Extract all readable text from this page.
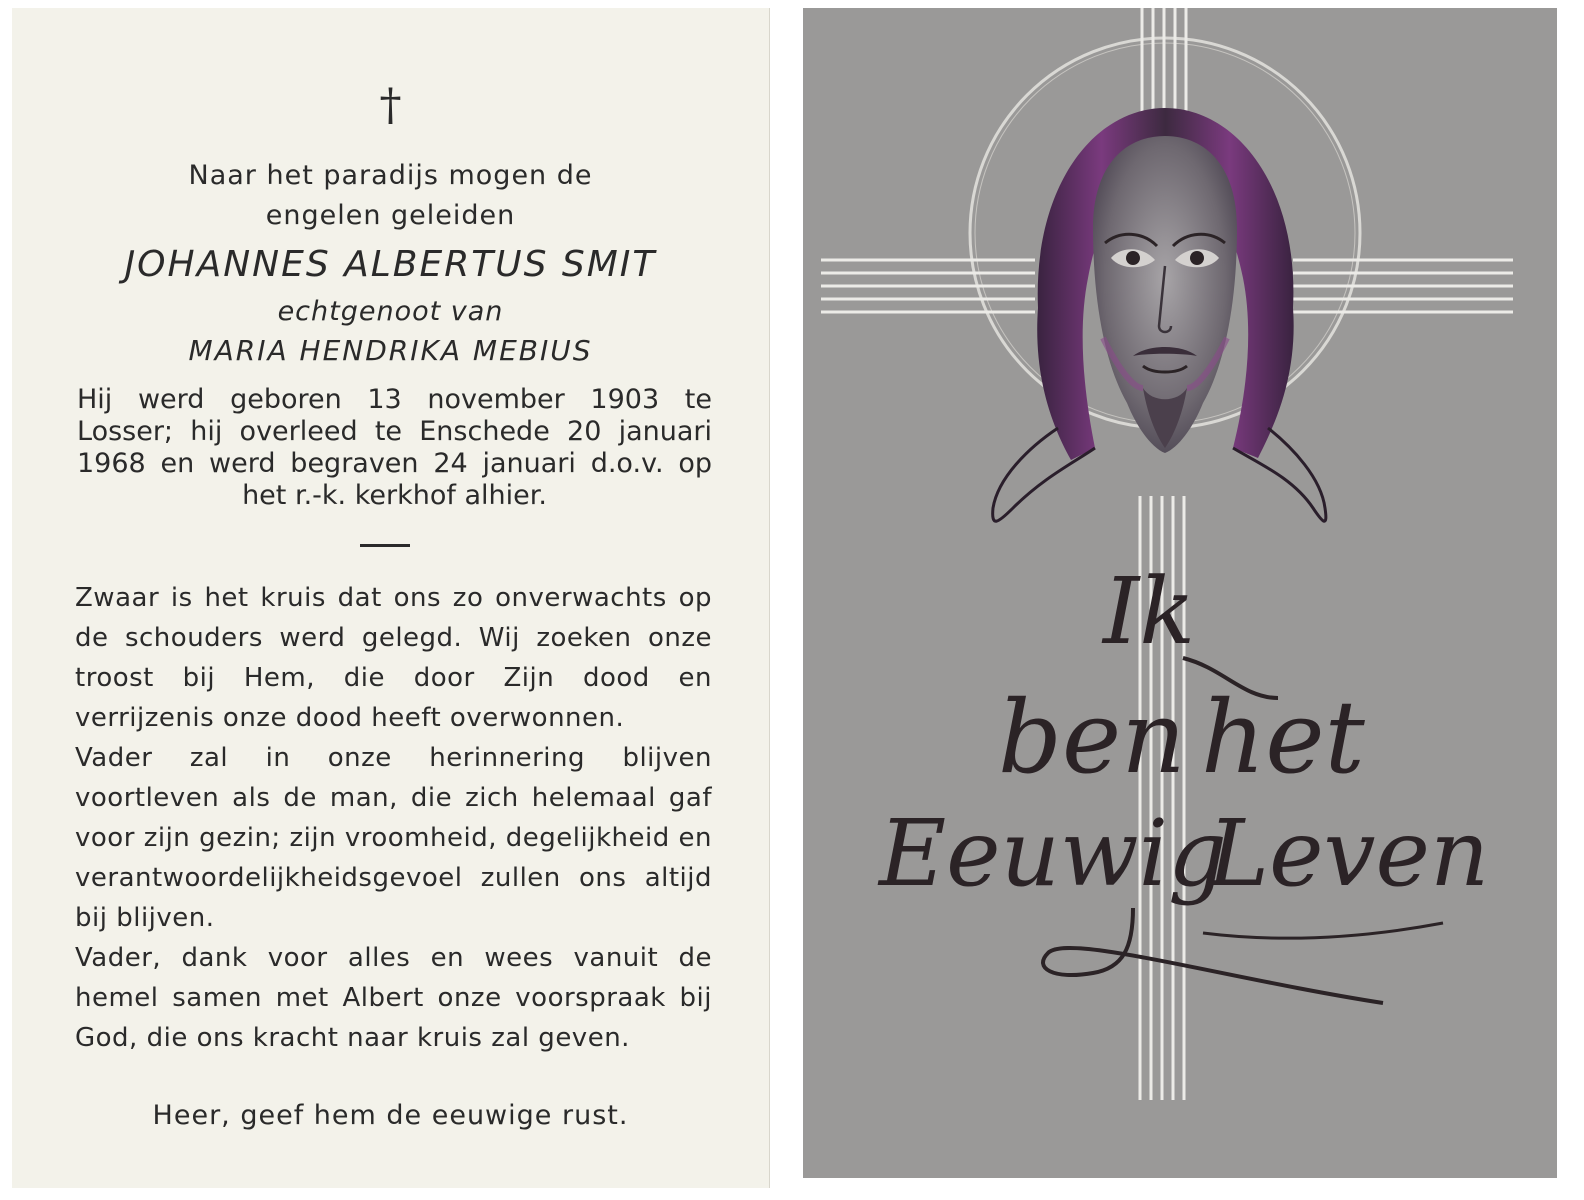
†
Naar het paradijs mogen de
engelen geleiden
JOHANNES ALBERTUS SMIT
echtgenoot van
MARIA HENDRIKA MEBIUS

Hij werd geboren 13 november 1903 te Losser; hij overleed te Enschede 20 januari 1968 en werd begraven 24 januari d.o.v. op het r.-k. kerkhof alhier.

Zwaar is het kruis dat ons zo onverwachts op de schouders werd gelegd. Wij zoeken onze troost bij Hem, die door Zijn dood en verrijzenis onze dood heeft overwonnen.

Vader zal in onze herinnering blijven voortleven als de man, die zich helemaal gaf voor zijn gezin; zijn vroomheid, degelijkheid en verantwoordelijkheidsgevoel zullen ons altijd bij blijven.

Vader, dank voor alles en wees vanuit de hemel samen met Albert onze voorspraak bij God, die ons kracht naar kruis zal geven.

Heer, geef hem de eeuwige rust.
Ik
ben het
Eeuwig
Leven
